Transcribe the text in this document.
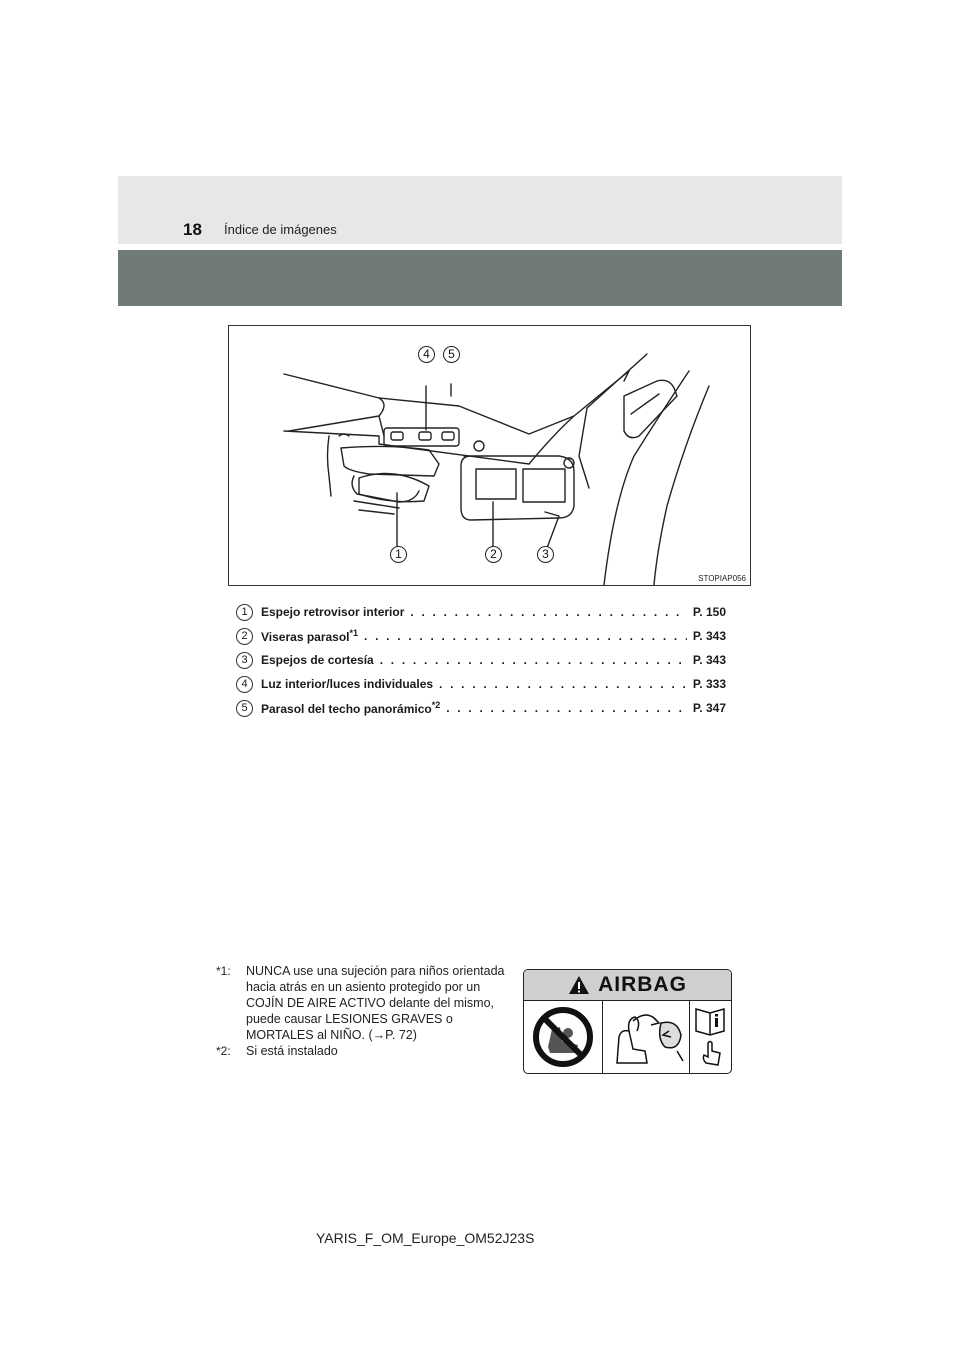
18 Índice de imágenes
4	5
1	2	3
STOPIAP056
1	Espejo retrovisor interior . . .	P. 150
2	Viseras parasol$^{*1}$ . . .	P. 343
3	Espejos de cortesía . . .	P. 343
4	Luz interior/luces individuales . . .	P. 333
5	Parasol del techo panorámico$^{*2}$ . . .	P. 347
*1:	NUNCA use una sujeción para niños orientada hacia atrás en un asiento protegido por un COJÍN DE AIRE ACTIVO delante del mismo, puede causar LESIONES GRAVES o MORTALES al NIÑO. (→P. 72)
*2:	Si está instalado
AIRBAG
YARIS_F_OM_Europe_OM52J23S
